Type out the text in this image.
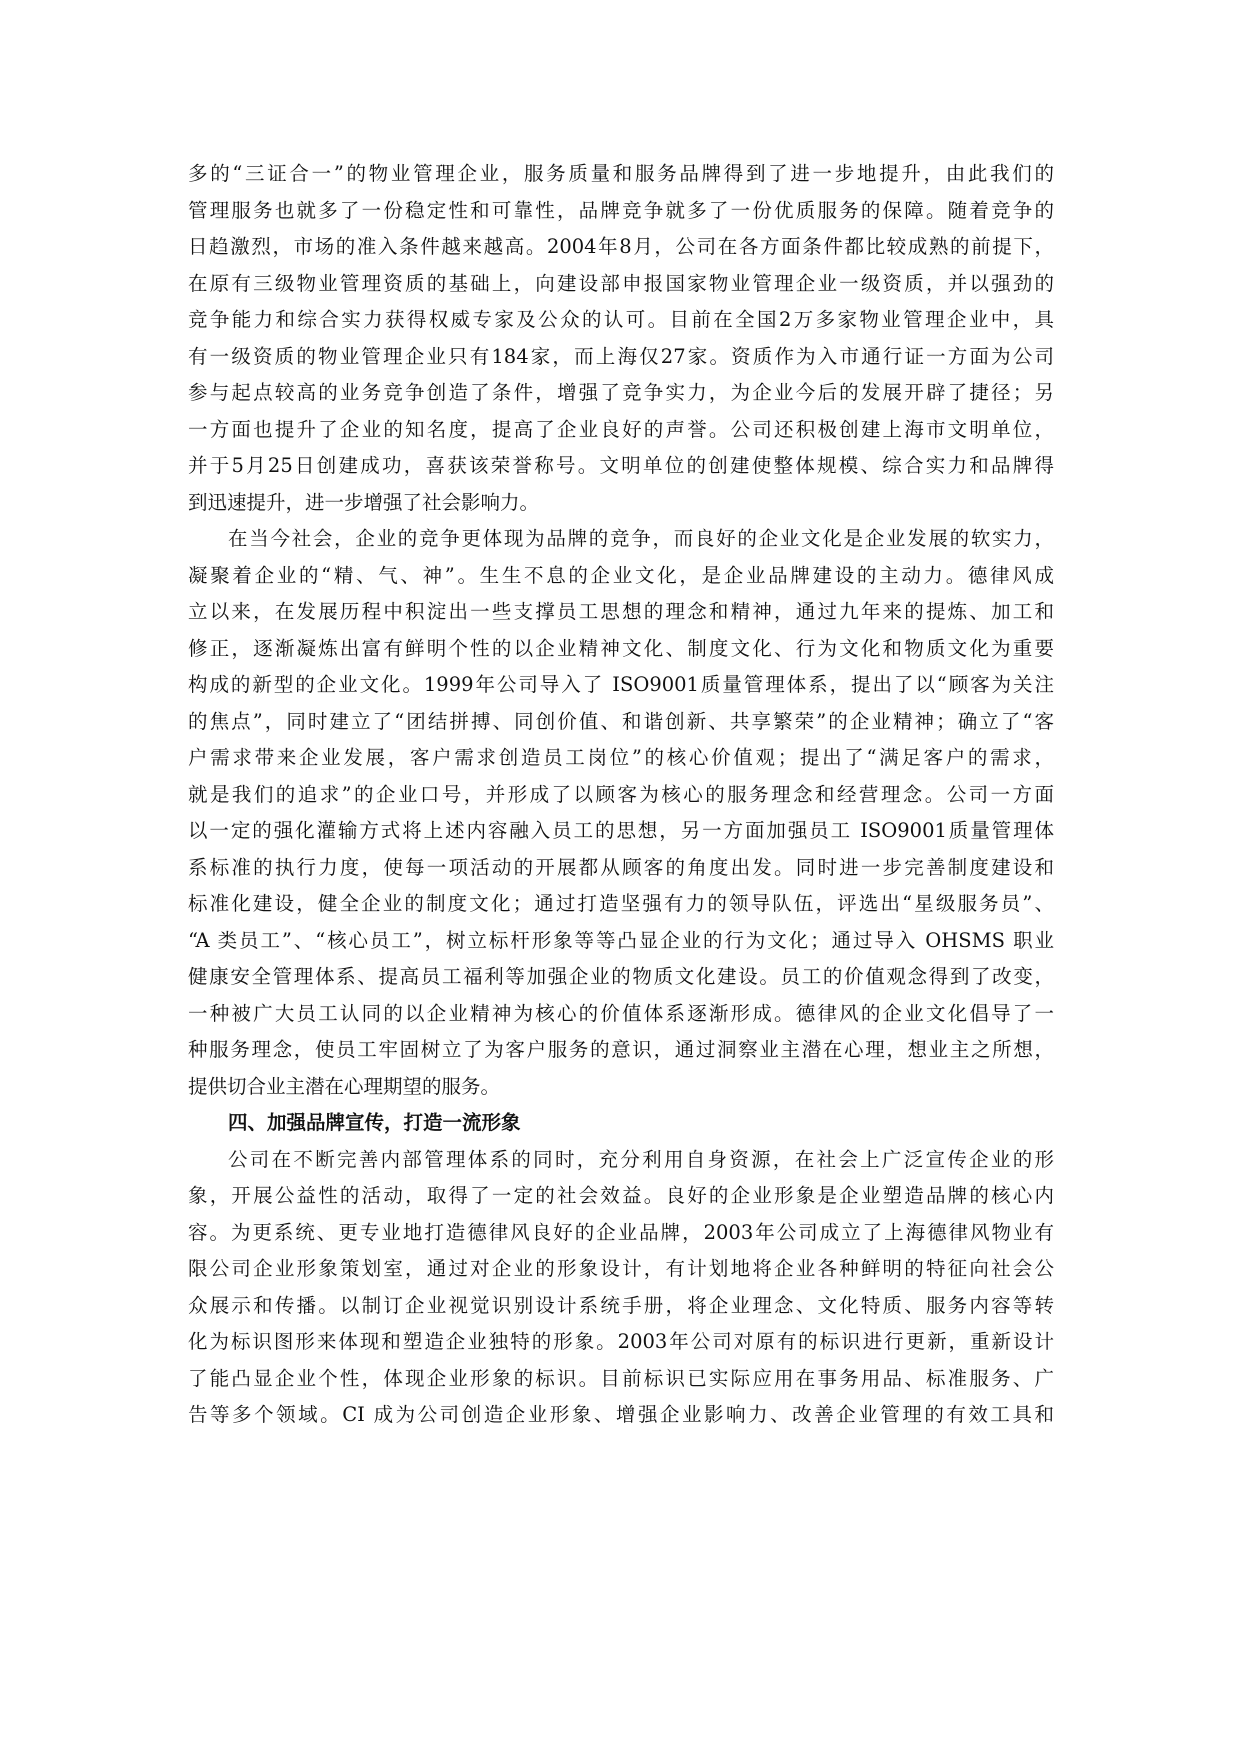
多的“三证合一”的物业管理企业，服务质量和服务品牌得到了进一步地提升，由此我们的
管理服务也就多了一份稳定性和可靠性，品牌竞争就多了一份优质服务的保障。随着竞争的
日趋激烈，市场的准入条件越来越高。2004年8月，公司在各方面条件都比较成熟的前提下，
在原有三级物业管理资质的基础上，向建设部申报国家物业管理企业一级资质，并以强劲的
竞争能力和综合实力获得权威专家及公众的认可。目前在全国2万多家物业管理企业中，具
有一级资质的物业管理企业只有184家，而上海仅27家。资质作为入市通行证一方面为公司
参与起点较高的业务竞争创造了条件，增强了竞争实力，为企业今后的发展开辟了捷径；另
一方面也提升了企业的知名度，提高了企业良好的声誉。公司还积极创建上海市文明单位，
并于5月25日创建成功，喜获该荣誉称号。文明单位的创建使整体规模、综合实力和品牌得
到迅速提升，进一步增强了社会影响力。
在当今社会，企业的竞争更体现为品牌的竞争，而良好的企业文化是企业发展的软实力，
凝聚着企业的“精、气、神”。生生不息的企业文化，是企业品牌建设的主动力。德律风成
立以来，在发展历程中积淀出一些支撑员工思想的理念和精神，通过九年来的提炼、加工和
修正，逐渐凝炼出富有鲜明个性的以企业精神文化、制度文化、行为文化和物质文化为重要
构成的新型的企业文化。1999年公司导入了 ISO9001质量管理体系，提出了以“顾客为关注
的焦点”，同时建立了“团结拼搏、同创价值、和谐创新、共享繁荣”的企业精神；确立了“客
户需求带来企业发展，客户需求创造员工岗位”的核心价值观；提出了“满足客户的需求，
就是我们的追求”的企业口号，并形成了以顾客为核心的服务理念和经营理念。公司一方面
以一定的强化灌输方式将上述内容融入员工的思想，另一方面加强员工 ISO9001质量管理体
系标准的执行力度，使每一项活动的开展都从顾客的角度出发。同时进一步完善制度建设和
标准化建设，健全企业的制度文化；通过打造坚强有力的领导队伍，评选出“星级服务员”、
“A 类员工”、“核心员工”，树立标杆形象等等凸显企业的行为文化；通过导入 OHSMS 职业
健康安全管理体系、提高员工福利等加强企业的物质文化建设。员工的价值观念得到了改变，
一种被广大员工认同的以企业精神为核心的价值体系逐渐形成。德律风的企业文化倡导了一
种服务理念，使员工牢固树立了为客户服务的意识，通过洞察业主潜在心理，想业主之所想，
提供切合业主潜在心理期望的服务。
四、加强品牌宣传，打造一流形象
公司在不断完善内部管理体系的同时，充分利用自身资源，在社会上广泛宣传企业的形
象，开展公益性的活动，取得了一定的社会效益。良好的企业形象是企业塑造品牌的核心内
容。为更系统、更专业地打造德律风良好的企业品牌，2003年公司成立了上海德律风物业有
限公司企业形象策划室，通过对企业的形象设计，有计划地将企业各种鲜明的特征向社会公
众展示和传播。以制订企业视觉识别设计系统手册，将企业理念、文化特质、服务内容等转
化为标识图形来体现和塑造企业独特的形象。2003年公司对原有的标识进行更新，重新设计
了能凸显企业个性，体现企业形象的标识。目前标识已实际应用在事务用品、标准服务、广
告等多个领域。CI 成为公司创造企业形象、增强企业影响力、改善企业管理的有效工具和
